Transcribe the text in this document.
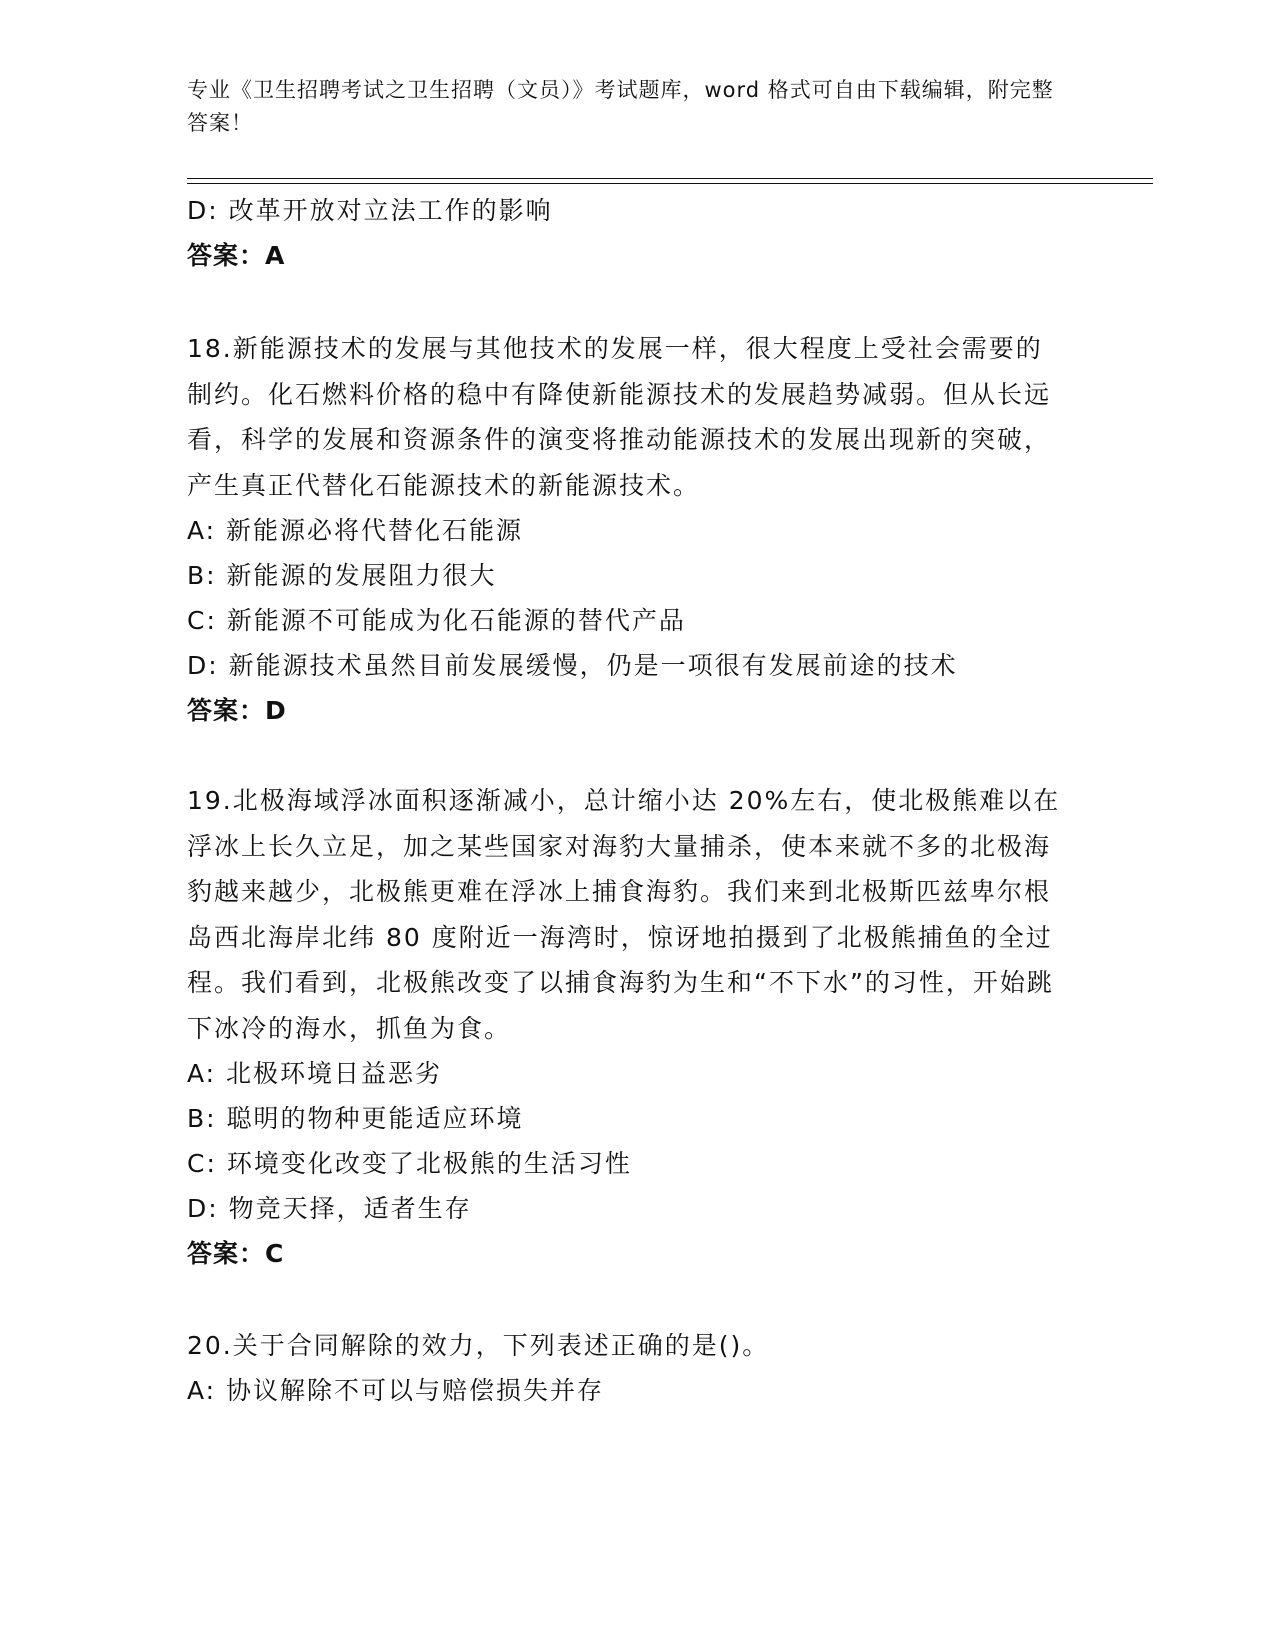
专业《卫生招聘考试之卫生招聘（文员）》考试题库，word 格式可自由下载编辑，附完整答案！
D: 改革开放对立法工作的影响
答案：A
18.新能源技术的发展与其他技术的发展一样，很大程度上受社会需要的制约。化石燃料价格的稳中有降使新能源技术的发展趋势减弱。但从长远看，科学的发展和资源条件的演变将推动能源技术的发展出现新的突破，产生真正代替化石能源技术的新能源技术。
A: 新能源必将代替化石能源
B: 新能源的发展阻力很大
C: 新能源不可能成为化石能源的替代产品
D: 新能源技术虽然目前发展缓慢，仍是一项很有发展前途的技术
答案：D
19.北极海域浮冰面积逐渐减小，总计缩小达 20%左右，使北极熊难以在浮冰上长久立足，加之某些国家对海豹大量捕杀，使本来就不多的北极海豹越来越少，北极熊更难在浮冰上捕食海豹。我们来到北极斯匹兹卑尔根岛西北海岸北纬 80 度附近一海湾时，惊讶地拍摄到了北极熊捕鱼的全过程。我们看到，北极熊改变了以捕食海豹为生和“不下水”的习性，开始跳下冰冷的海水，抓鱼为食。
A: 北极环境日益恶劣
B: 聪明的物种更能适应环境
C: 环境变化改变了北极熊的生活习性
D: 物竞天择，适者生存
答案：C
20.关于合同解除的效力，下列表述正确的是()。
A: 协议解除不可以与赔偿损失并存
